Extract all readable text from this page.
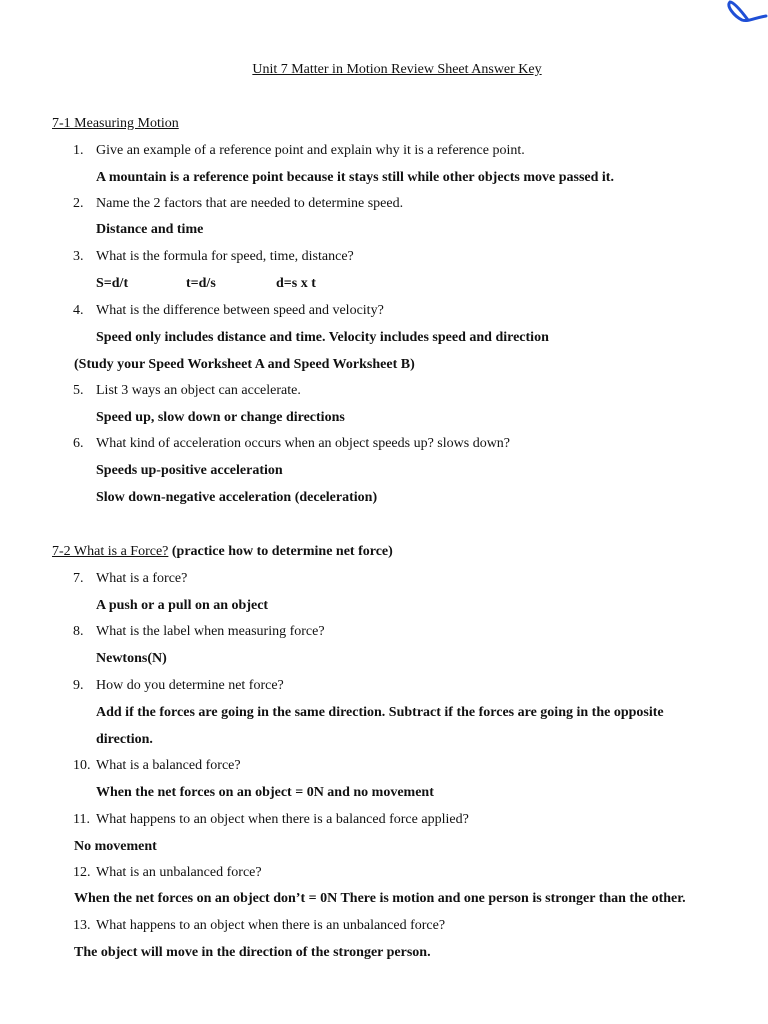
Unit 7 Matter in Motion Review Sheet Answer Key
7-1 Measuring Motion
1. Give an example of a reference point and explain why it is a reference point.
A mountain is a reference point because it stays still while other objects move passed it.
2. Name the 2 factors that are needed to determine speed.
Distance and time
3. What is the formula for speed, time, distance?
S=d/t	t=d/s	d=s x t
4. What is the difference between speed and velocity?
Speed only includes distance and time. Velocity includes speed and direction
(Study your Speed Worksheet A and Speed Worksheet B)
5. List 3 ways an object can accelerate.
Speed up, slow down or change directions
6. What kind of acceleration occurs when an object speeds up? slows down?
Speeds up-positive acceleration
Slow down-negative acceleration (deceleration)
7-2 What is a Force? (practice how to determine net force)
7. What is a force?
A push or a pull on an object
8. What is the label when measuring force?
Newtons(N)
9. How do you determine net force?
Add if the forces are going in the same direction. Subtract if the forces are going in the opposite
direction.
10. What is a balanced force?
When the net forces on an object = 0N and no movement
11. What happens to an object when there is a balanced force applied?
No movement
12. What is an unbalanced force?
When the net forces on an object don’t = 0N There is motion and one person is stronger than the other.
13. What happens to an object when there is an unbalanced force?
The object will move in the direction of the stronger person.
